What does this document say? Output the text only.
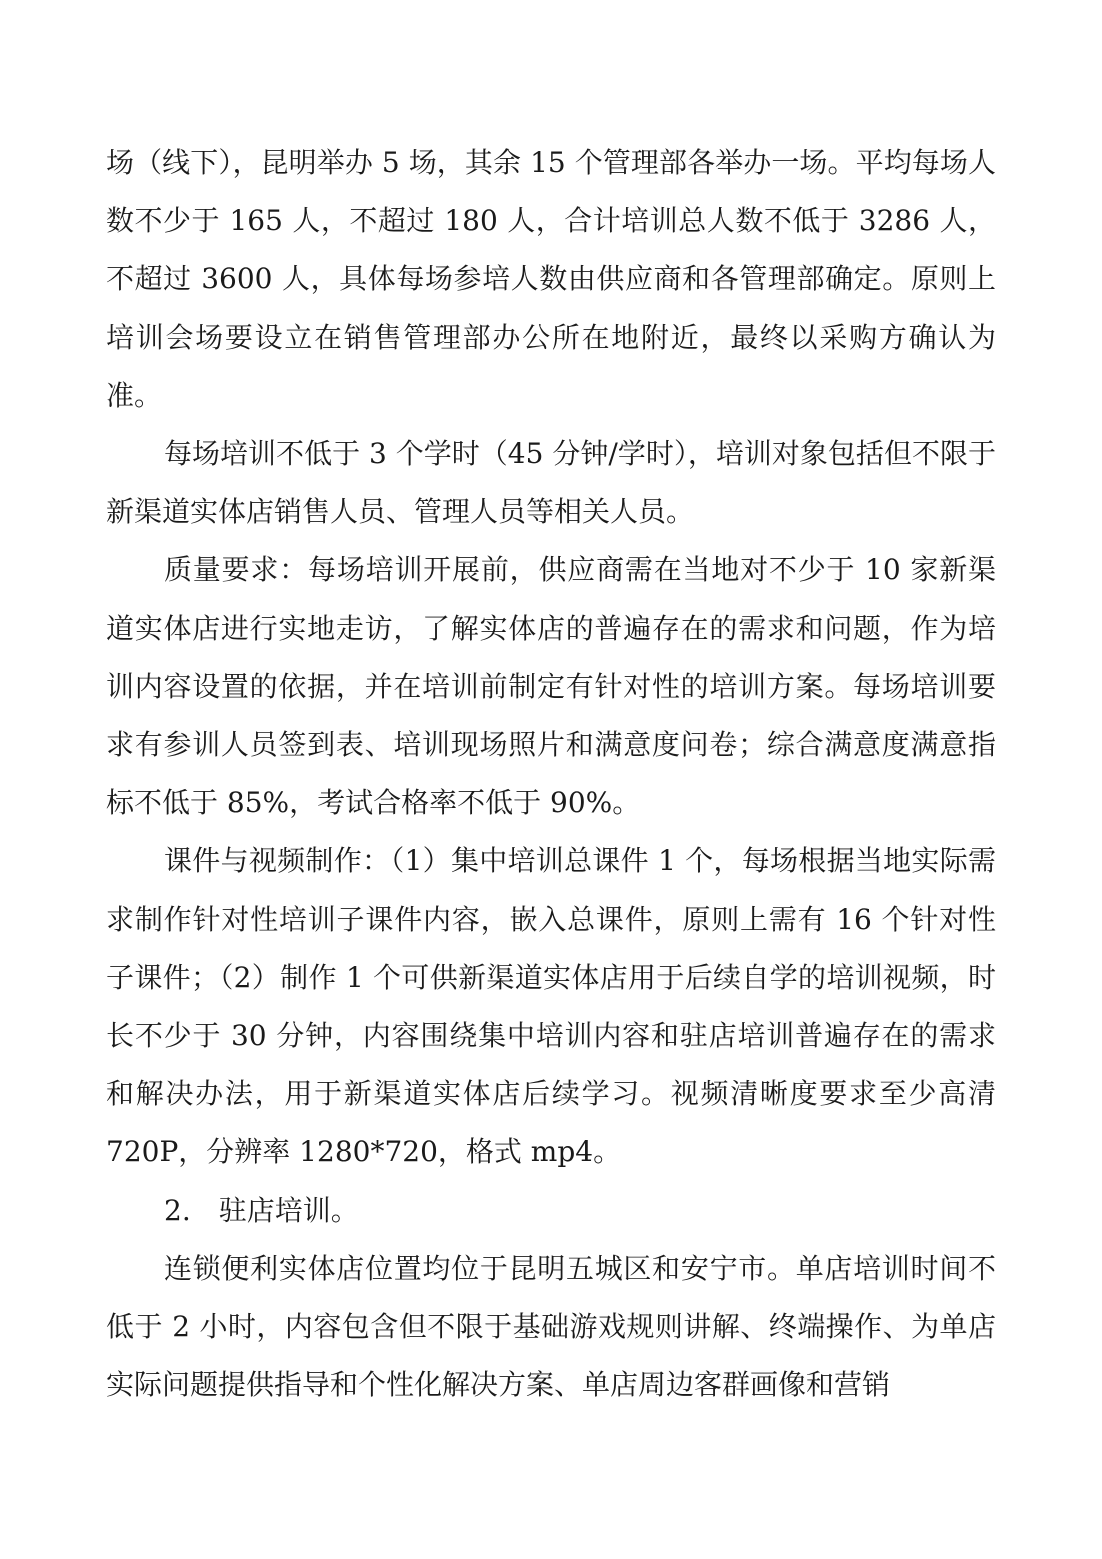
场（线下），昆明举办 5 场，其余 15 个管理部各举办一场。平均每场人数不少于 165 人，不超过 180 人，合计培训总人数不低于 3286 人，不超过 3600 人，具体每场参培人数由供应商和各管理部确定。原则上培训会场要设立在销售管理部办公所在地附近，最终以采购方确认为准。

每场培训不低于 3 个学时（45 分钟/学时），培训对象包括但不限于新渠道实体店销售人员、管理人员等相关人员。

质量要求：每场培训开展前，供应商需在当地对不少于 10 家新渠道实体店进行实地走访，了解实体店的普遍存在的需求和问题，作为培训内容设置的依据，并在培训前制定有针对性的培训方案。每场培训要求有参训人员签到表、培训现场照片和满意度问卷；综合满意度满意指标不低于 85%，考试合格率不低于 90%。

课件与视频制作：（1）集中培训总课件 1 个，每场根据当地实际需求制作针对性培训子课件内容，嵌入总课件，原则上需有 16 个针对性子课件；（2）制作 1 个可供新渠道实体店用于后续自学的培训视频，时长不少于 30 分钟，内容围绕集中培训内容和驻店培训普遍存在的需求和解决办法，用于新渠道实体店后续学习。视频清晰度要求至少高清 720P，分辨率 1280*720，格式 mp4。

2.　驻店培训。

连锁便利实体店位置均位于昆明五城区和安宁市。单店培训时间不低于 2 小时，内容包含但不限于基础游戏规则讲解、终端操作、为单店实际问题提供指导和个性化解决方案、单店周边客群画像和营销
